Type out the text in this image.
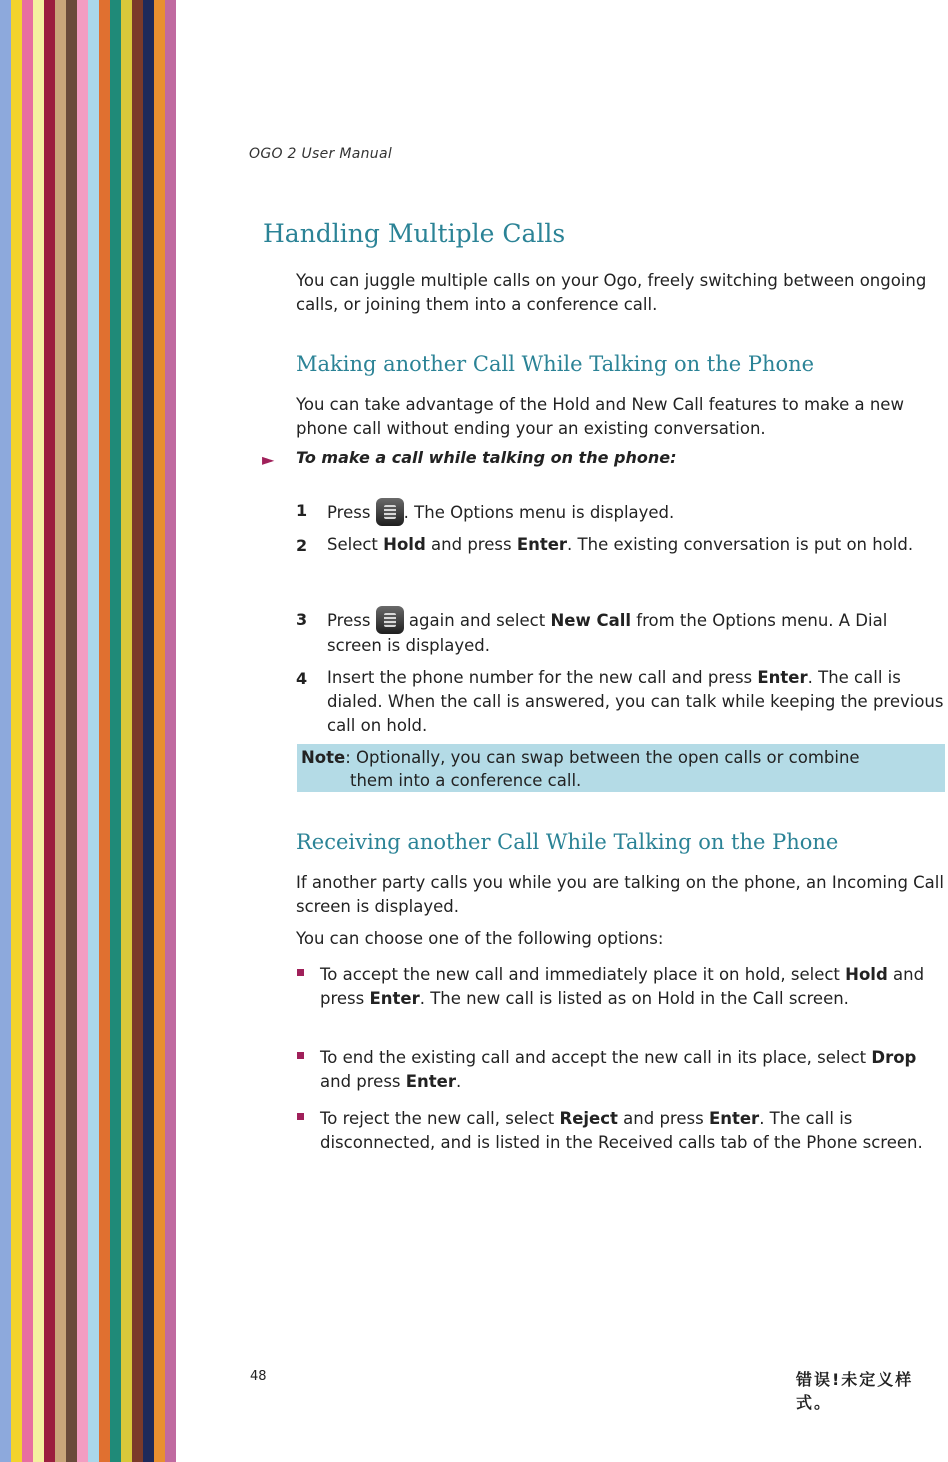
OGO 2 User Manual
Handling Multiple Calls
You can juggle multiple calls on your Ogo, freely switching between ongoing calls, or joining them into a conference call.
Making another Call While Talking on the Phone
You can take advantage of the Hold and New Call features to make a new phone call without ending your an existing conversation.
► To make a call while talking on the phone:
1 Press . The Options menu is displayed.
2 Select Hold and press Enter. The existing conversation is put on hold.
3 Press  again and select New Call from the Options menu. A Dial screen is displayed.
4 Insert the phone number for the new call and press Enter. The call is dialed. When the call is answered, you can talk while keeping the previous call on hold.
Note: Optionally, you can swap between the open calls or combine
them into a conference call.
Receiving another Call While Talking on the Phone
If another party calls you while you are talking on the phone, an Incoming Call screen is displayed.
You can choose one of the following options:
To accept the new call and immediately place it on hold, select Hold and press Enter. The new call is listed as on Hold in the Call screen.
To end the existing call and accept the new call in its place, select Drop and press Enter.
To reject the new call, select Reject and press Enter. The call is disconnected, and is listed in the Received calls tab of the Phone screen.
48	错误!未定义样式。
